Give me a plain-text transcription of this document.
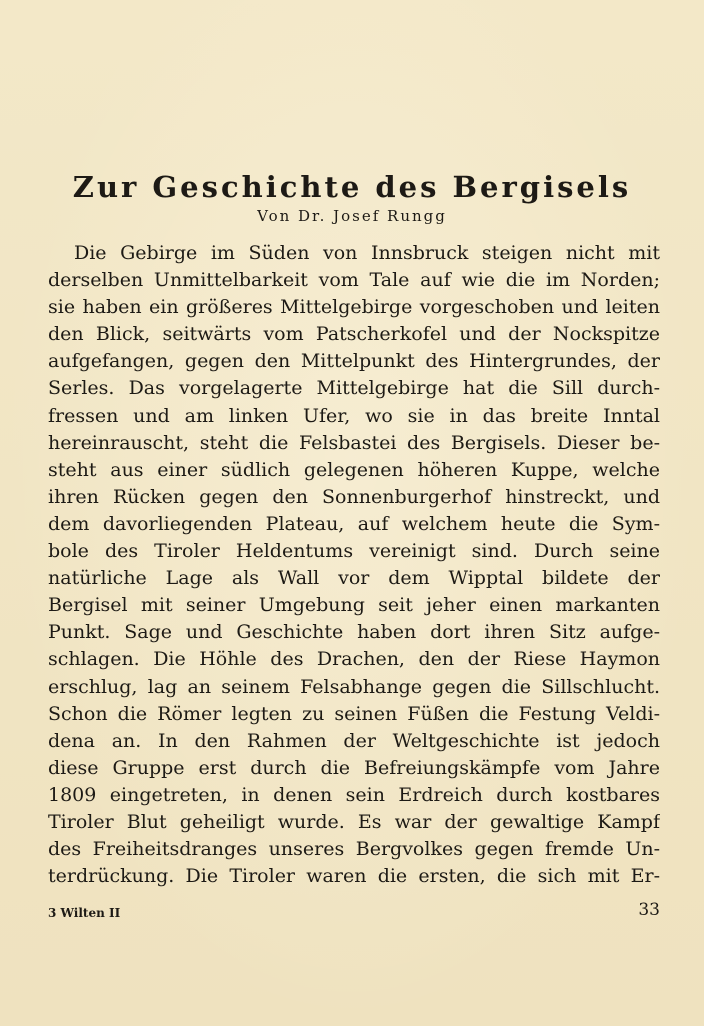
Zur Geschichte des Bergisels

Von Dr. Josef Rungg

Die Gebirge im Süden von Innsbruck steigen nicht mit
derselben Unmittelbarkeit vom Tale auf wie die im Norden;
sie haben ein größeres Mittelgebirge vorgeschoben und leiten
den Blick, seitwärts vom Patscherkofel und der Nockspitze
aufgefangen, gegen den Mittelpunkt des Hintergrundes, der
Serles. Das vorgelagerte Mittelgebirge hat die Sill durch-
fressen und am linken Ufer, wo sie in das breite Inntal
hereinrauscht, steht die Felsbastei des Bergisels. Dieser be-
steht aus einer südlich gelegenen höheren Kuppe, welche
ihren Rücken gegen den Sonnenburgerhof hinstreckt, und
dem davorliegenden Plateau, auf welchem heute die Sym-
bole des Tiroler Heldentums vereinigt sind. Durch seine
natürliche Lage als Wall vor dem Wipptal bildete der
Bergisel mit seiner Umgebung seit jeher einen markanten
Punkt. Sage und Geschichte haben dort ihren Sitz aufge-
schlagen. Die Höhle des Drachen, den der Riese Haymon
erschlug, lag an seinem Felsabhange gegen die Sillschlucht.
Schon die Römer legten zu seinen Füßen die Festung Veldi-
dena an. In den Rahmen der Weltgeschichte ist jedoch
diese Gruppe erst durch die Befreiungskämpfe vom Jahre
1809 eingetreten, in denen sein Erdreich durch kostbares
Tiroler Blut geheiligt wurde. Es war der gewaltige Kampf
des Freiheitsdranges unseres Bergvolkes gegen fremde Un-
terdrückung. Die Tiroler waren die ersten, die sich mit Er-
3 Wilten II	33
